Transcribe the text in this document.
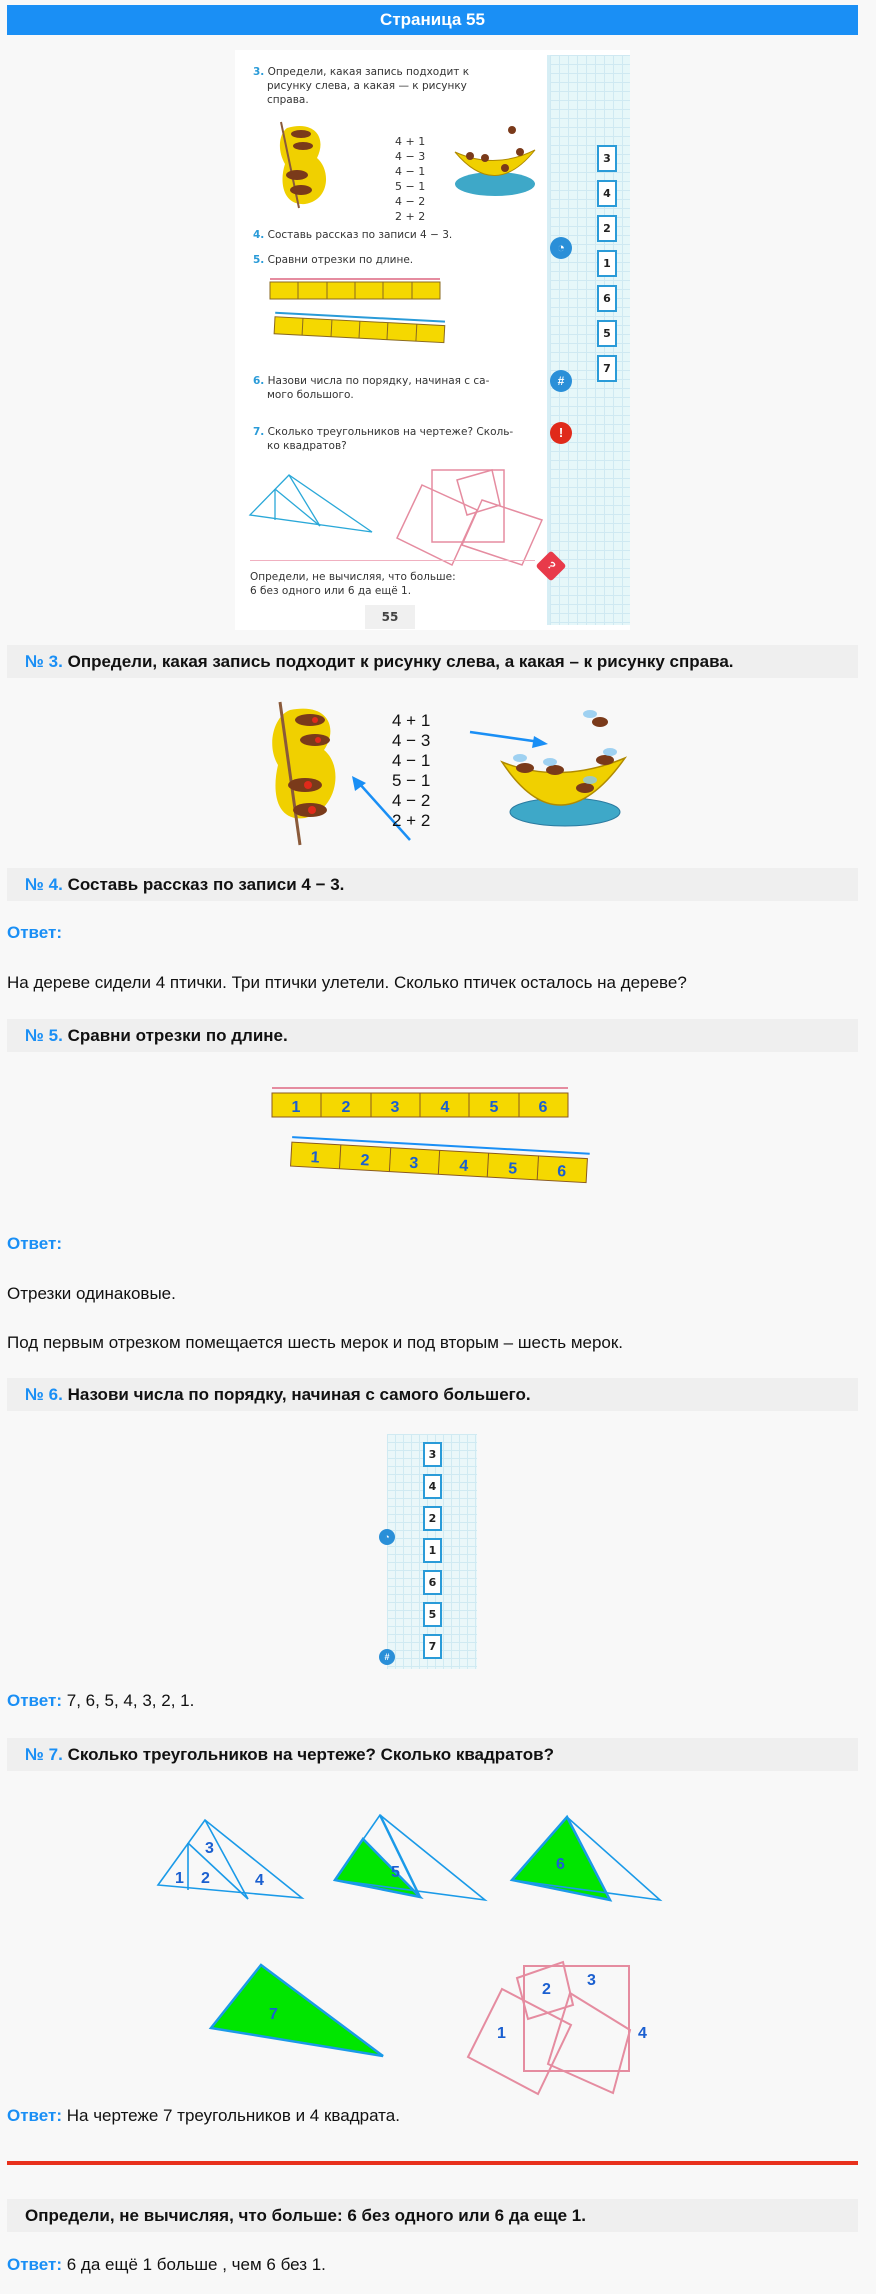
Страница 55
3. Определи, какая запись подходит к
рисунку слева, а какая — к рисунку
справа.
4 + 1
4 − 3
4 − 1
5 − 1
4 − 2
2 + 2
4. Составь рассказ по записи 4 − 3.
5. Сравни отрезки по длине.
6. Назови числа по порядку, начиная с са-
мого большого.
7. Сколько треугольников на чертеже? Сколь-
ко квадратов?
Определи, не вычисляя, что больше:
6 без одного или 6 да ещё 1.
55
◔
#
!
?
3
4
2
1
6
5
7
№ 3. Определи, какая запись подходит к рисунку слева, а какая – к рисунку справа.
4 + 1
4 − 3
4 − 1
5 − 1
4 − 2
2 + 2
№ 4. Составь рассказ по записи 4 − 3.
Ответ:
На дереве сидели 4 птички. Три птички улетели. Сколько птичек осталось на дереве?
№ 5. Сравни отрезки по длине.
1	2	3	4	5	6
1	2 3	4 5 6
Ответ:
Отрезки одинаковые.
Под первым отрезком помещается шесть мерок и под вторым – шесть мерок.
№ 6. Назови числа по порядку, начиная с самого большего.
◔
#
3
4
2
1
6
5
7
Ответ: 7, 6, 5, 4, 3, 2, 1.
№ 7. Сколько треугольников на чертеже? Сколько квадратов?
1 2
3
4	5	6
7
1
2
3
4
Ответ: На чертеже 7 треугольников и 4 квадрата.
Определи, не вычисляя, что больше: 6 без одного или 6 да еще 1.
Ответ: 6 да ещё 1 больше , чем 6 без 1.
